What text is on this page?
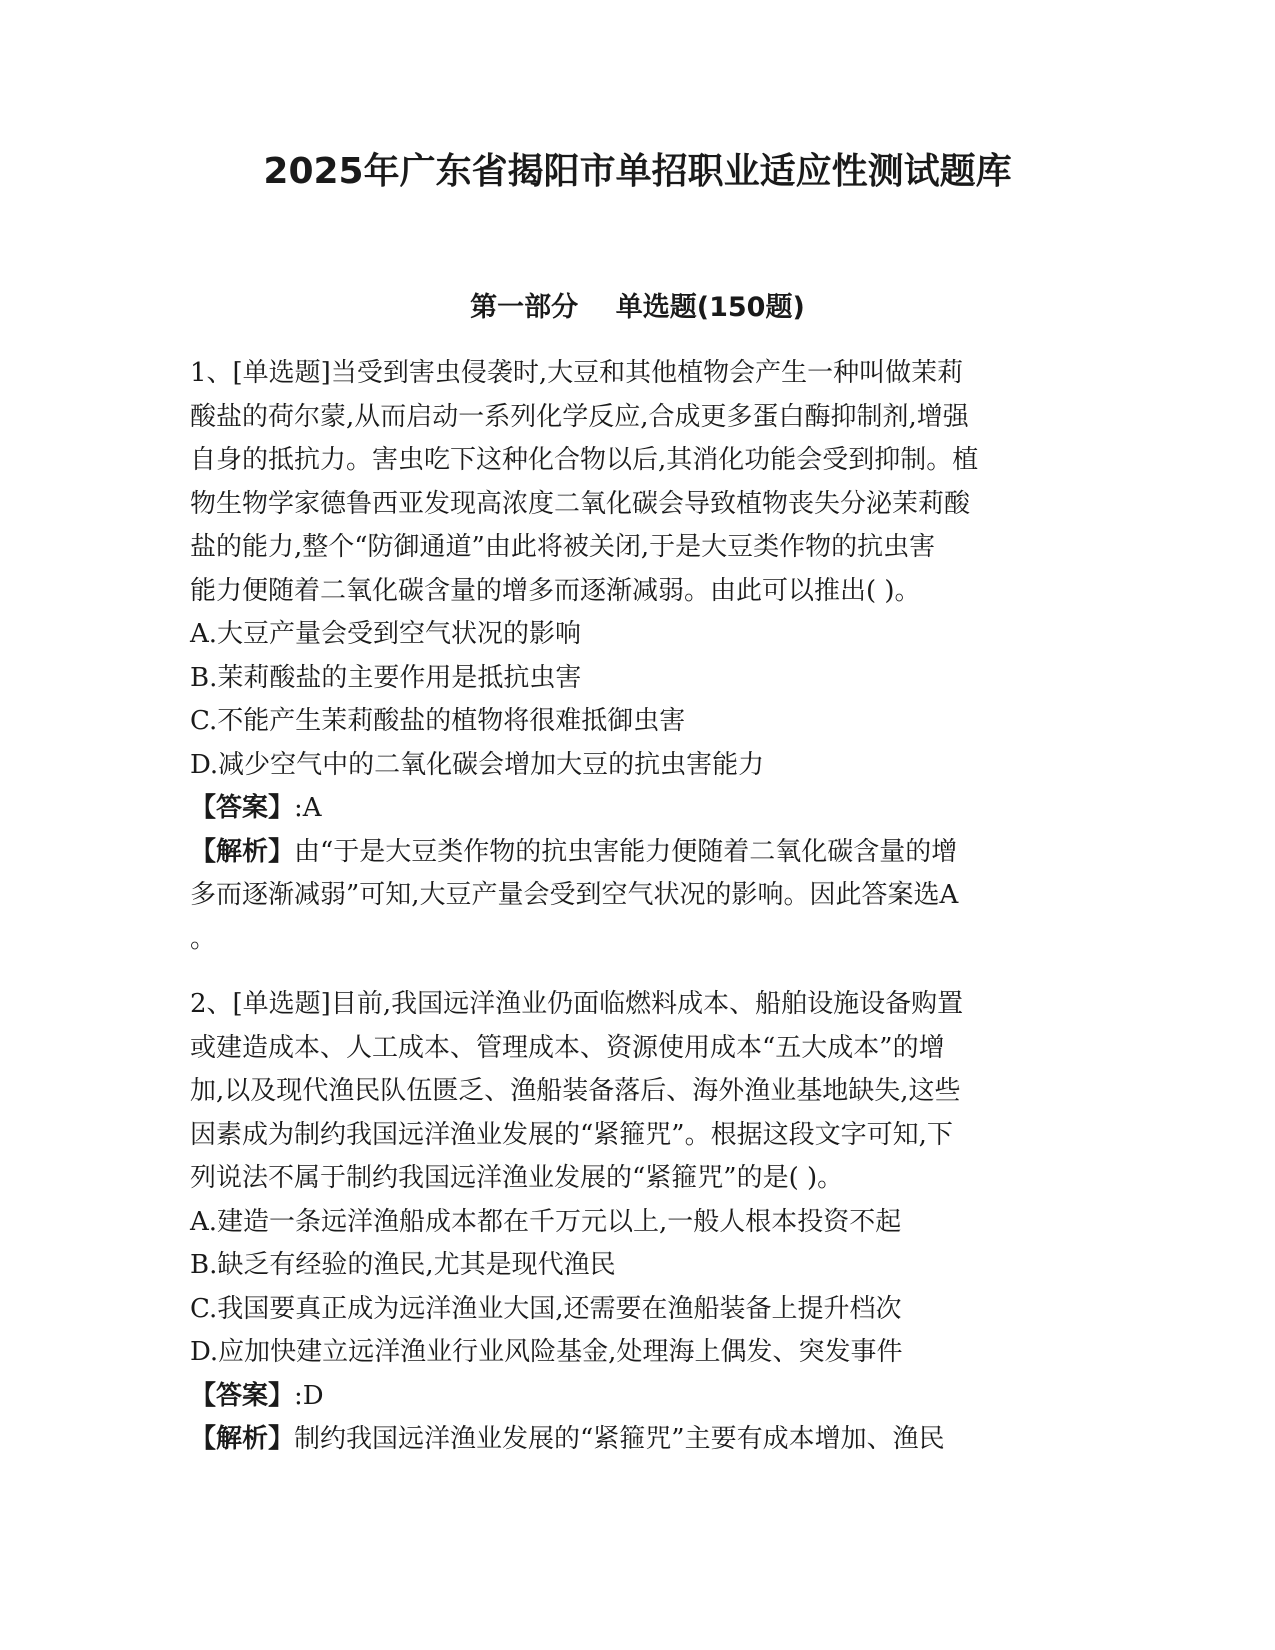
2025年广东省揭阳市单招职业适应性测试题库
第一部分    单选题(150题)
1、[单选题]当受到害虫侵袭时,大豆和其他植物会产生一种叫做茉莉
酸盐的荷尔蒙,从而启动一系列化学反应,合成更多蛋白酶抑制剂,增强
自身的抵抗力。害虫吃下这种化合物以后,其消化功能会受到抑制。植
物生物学家德鲁西亚发现高浓度二氧化碳会导致植物丧失分泌茉莉酸
盐的能力,整个“防御通道”由此将被关闭,于是大豆类作物的抗虫害
能力便随着二氧化碳含量的增多而逐渐减弱。由此可以推出( )。
A.大豆产量会受到空气状况的影响
B.茉莉酸盐的主要作用是抵抗虫害
C.不能产生茉莉酸盐的植物将很难抵御虫害
D.减少空气中的二氧化碳会增加大豆的抗虫害能力
【答案】:A
【解析】由“于是大豆类作物的抗虫害能力便随着二氧化碳含量的增
多而逐渐减弱”可知,大豆产量会受到空气状况的影响。因此答案选A
。
2、[单选题]目前,我国远洋渔业仍面临燃料成本、船舶设施设备购置
或建造成本、人工成本、管理成本、资源使用成本“五大成本”的增
加,以及现代渔民队伍匮乏、渔船装备落后、海外渔业基地缺失,这些
因素成为制约我国远洋渔业发展的“紧箍咒”。根据这段文字可知,下
列说法不属于制约我国远洋渔业发展的“紧箍咒”的是( )。
A.建造一条远洋渔船成本都在千万元以上,一般人根本投资不起
B.缺乏有经验的渔民,尤其是现代渔民
C.我国要真正成为远洋渔业大国,还需要在渔船装备上提升档次
D.应加快建立远洋渔业行业风险基金,处理海上偶发、突发事件
【答案】:D
【解析】制约我国远洋渔业发展的“紧箍咒”主要有成本增加、渔民
